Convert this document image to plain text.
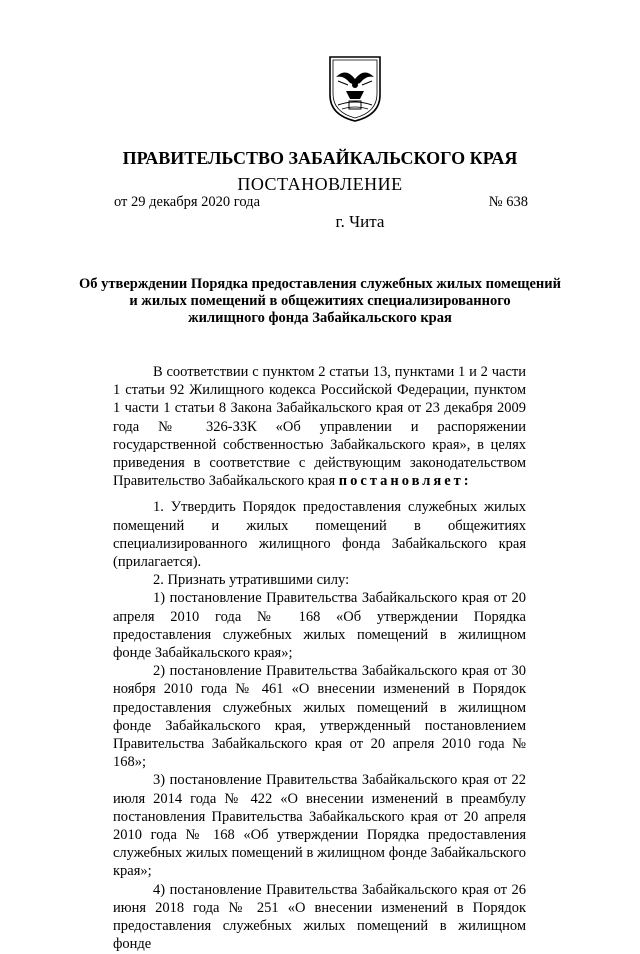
ПРАВИТЕЛЬСТВО ЗАБАЙКАЛЬСКОГО КРАЯ
ПОСТАНОВЛЕНИЕ
от 29 декабря 2020 года	№ 638
г. Чита
Об утверждении Порядка предоставления служебных жилых помещений
и жилых помещений в общежитиях специализированного
жилищного фонда Забайкальского края

В соответствии с пунктом 2 статьи 13, пунктами 1 и 2 части 1 статьи 92 Жилищного кодекса Российской Федерации, пунктом 1 части 1 статьи 8 Закона Забайкальского края от 23 декабря 2009 года № 326-ЗЗК «Об управлении и распоряжении государственной собственностью Забайкальского края», в целях приведения в соответствие с действующим законодательством Правительство Забайкальского края постановляет:

1. Утвердить Порядок предоставления служебных жилых помещений и жилых помещений в общежитиях специализированного жилищного фонда Забайкальского края (прилагается).

2. Признать утратившими силу:

1) постановление Правительства Забайкальского края от 20 апреля 2010 года № 168 «Об утверждении Порядка предоставления служебных жилых помещений в жилищном фонде Забайкальского края»;

2) постановление Правительства Забайкальского края от 30 ноября 2010 года № 461 «О внесении изменений в Порядок предоставления служебных жилых помещений в жилищном фонде Забайкальского края, утвержденный постановлением Правительства Забайкальского края от 20 апреля 2010 года № 168»;

3) постановление Правительства Забайкальского края от 22 июля 2014 года № 422 «О внесении изменений в преамбулу постановления Правительства Забайкальского края от 20 апреля 2010 года № 168 «Об утверждении Порядка предоставления служебных жилых помещений в жилищном фонде Забайкальского края»;

4) постановление Правительства Забайкальского края от 26 июня 2018 года № 251 «О внесении изменений в Порядок предоставления служебных жилых помещений в жилищном фонде
